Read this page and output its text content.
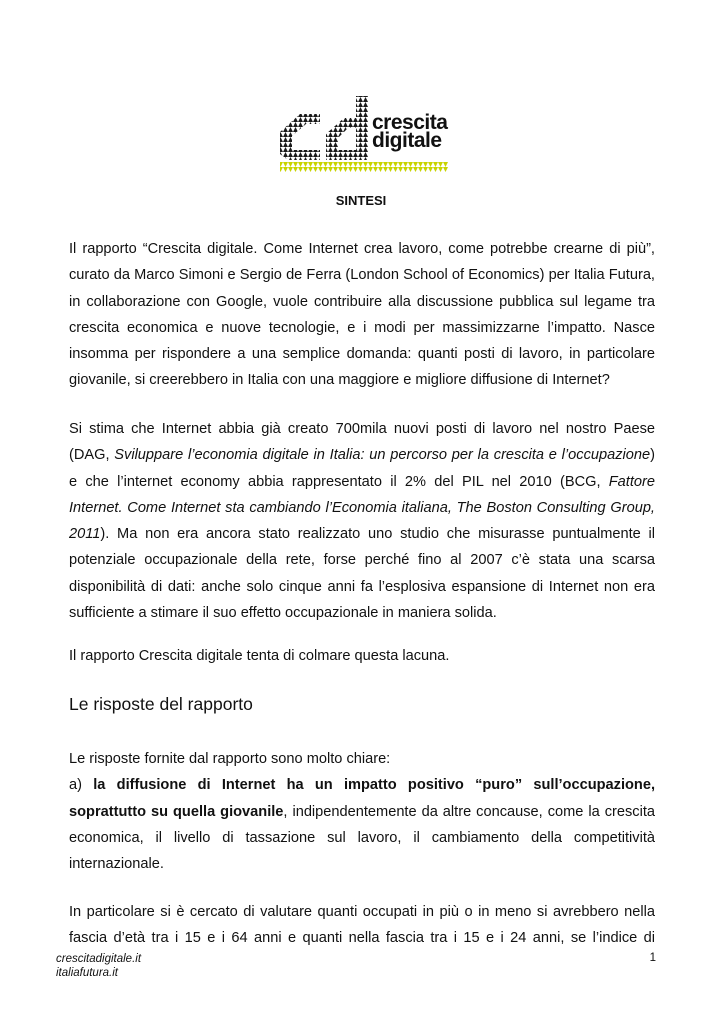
crescita
digitale
SINTESI
Il rapporto “Crescita digitale. Come Internet crea lavoro, come potrebbe crearne di più”,
curato da Marco Simoni e Sergio de Ferra (London School of Economics) per Italia Futura,
in collaborazione con Google, vuole contribuire alla discussione pubblica sul legame tra
crescita economica e nuove tecnologie, e i modi per massimizzarne l’impatto. Nasce
insomma per rispondere a una semplice domanda: quanti posti di lavoro, in particolare
giovanile, si creerebbero in Italia con una maggiore e migliore diffusione di Internet?
Si stima che Internet abbia già creato 700mila nuovi posti di lavoro nel nostro Paese
(DAG, Sviluppare l’economia digitale in Italia: un percorso per la crescita e l’occupazione)
e che l’internet economy abbia rappresentato il 2% del PIL nel 2010 (BCG, Fattore
Internet. Come Internet sta cambiando l’Economia italiana, The Boston Consulting Group,
2011). Ma non era ancora stato realizzato uno studio che misurasse puntualmente il
potenziale occupazionale della rete, forse perché fino al 2007 c’è stata una scarsa
disponibilità di dati: anche solo cinque anni fa l’esplosiva espansione di Internet non era
sufficiente a stimare il suo effetto occupazionale in maniera solida.
Il rapporto Crescita digitale tenta di colmare questa lacuna.
Le risposte del rapporto
Le risposte fornite dal rapporto sono molto chiare:
a) la diffusione di Internet ha un impatto positivo “puro” sull’occupazione,
soprattutto su quella giovanile, indipendentemente da altre concause, come la crescita
economica, il livello di tassazione sul lavoro, il cambiamento della competitività
internazionale.
In particolare si è cercato di valutare quanti occupati in più o in meno si avrebbero nella
fascia d’età tra i 15 e i 64 anni e quanti nella fascia tra i 15 e i 24 anni, se l’indice di
crescitadigitale.it
italiafutura.it
1
